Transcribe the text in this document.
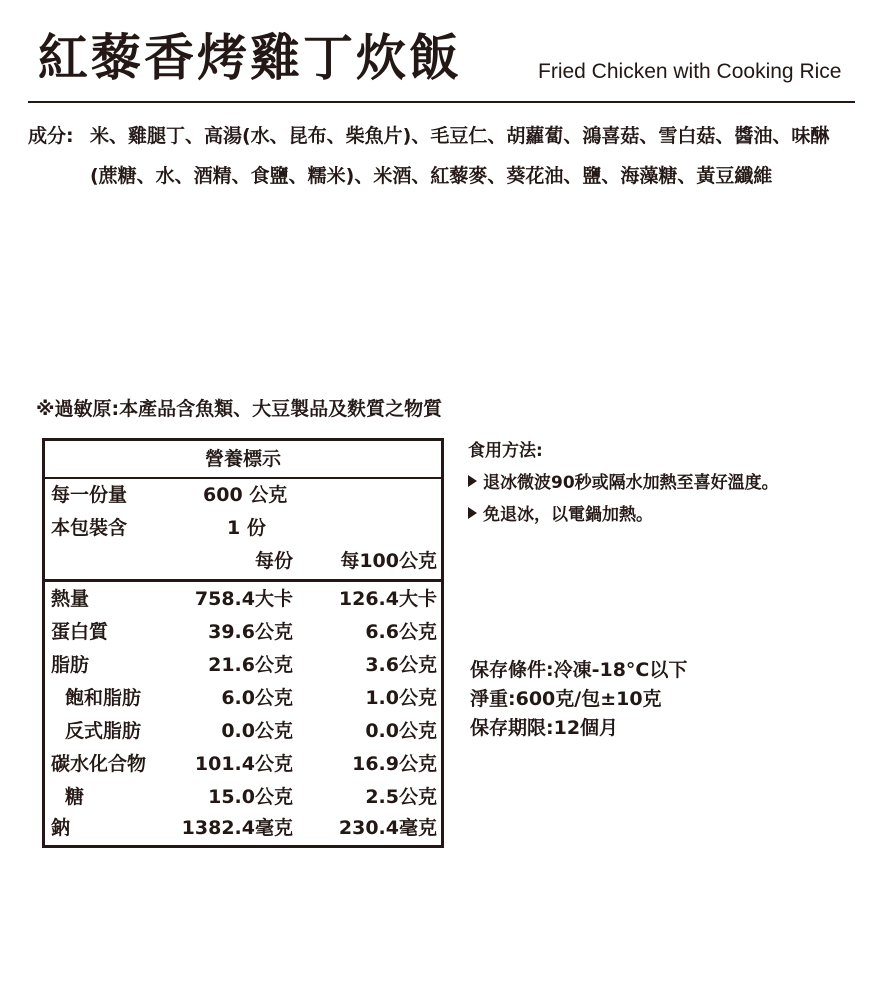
紅藜香烤雞丁炊飯	Fried Chicken with Cooking Rice
成分: 米、雞腿丁、高湯(水、昆布、柴魚片)、毛豆仁、胡蘿蔔、鴻喜菇、雪白菇、醬油、味醂(蔗糖、水、酒精、食鹽、糯米)、米酒、紅藜麥、葵花油、鹽、海藻糖、黃豆纖維
※過敏原:本產品含魚類、大豆製品及麩質之物質
營養標示
每一份量	600 公克
本包裝含	1 份
每份 每100公克
熱量	758.4大卡 126.4大卡
蛋白質	39.6公克	6.6公克
脂肪	21.6公克	3.6公克
飽和脂肪	6.0公克	1.0公克
反式脂肪	0.0公克	0.0公克
碳水化合物	101.4公克	16.9公克
糖	15.0公克	2.5公克
鈉	1382.4毫克 230.4毫克
食用方法:
退冰微波90秒或隔水加熱至喜好溫度。
免退冰，以電鍋加熱。
保存條件:冷凍-18°C以下
淨重:600克/包±10克
保存期限:12個月
